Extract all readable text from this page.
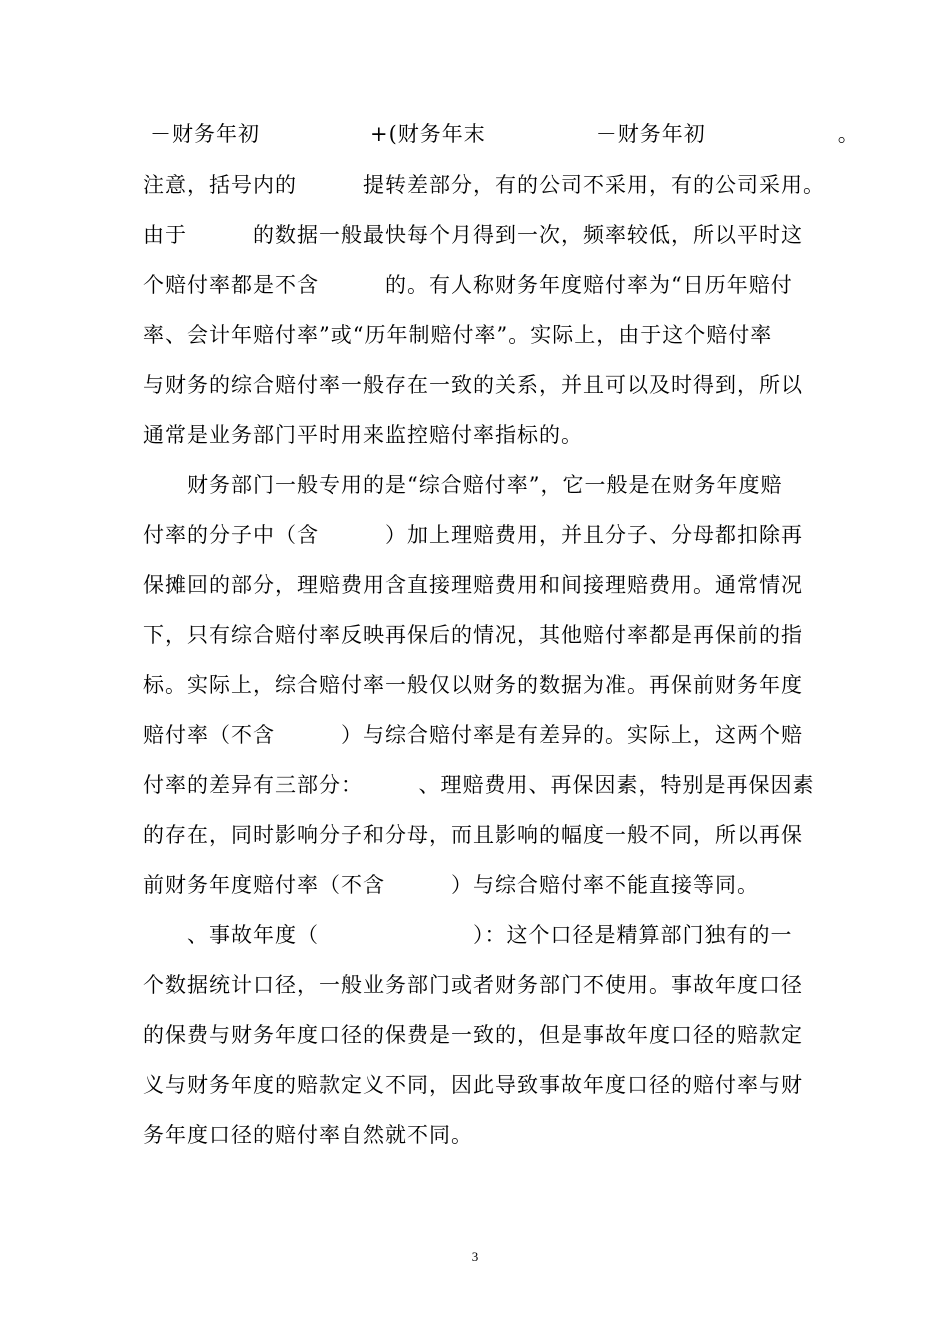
－财务年初　　　　　+(财务年末　　　　　－财务年初　　　　　　。
注意，括号内的　　　提转差部分，有的公司不采用，有的公司采用。
由于　　　的数据一般最快每个月得到一次，频率较低，所以平时这
个赔付率都是不含　　　的。有人称财务年度赔付率为“日历年赔付
率、会计年赔付率”或“历年制赔付率”。实际上，由于这个赔付率
与财务的综合赔付率一般存在一致的关系，并且可以及时得到，所以
通常是业务部门平时用来监控赔付率指标的。
　　财务部门一般专用的是“综合赔付率”，它一般是在财务年度赔
付率的分子中（含　　　）加上理赔费用，并且分子、分母都扣除再
保摊回的部分，理赔费用含直接理赔费用和间接理赔费用。通常情况
下，只有综合赔付率反映再保后的情况，其他赔付率都是再保前的指
标。实际上，综合赔付率一般仅以财务的数据为准。再保前财务年度
赔付率（不含　　　）与综合赔付率是有差异的。实际上，这两个赔
付率的差异有三部分：　　　、理赔费用、再保因素，特别是再保因素
的存在，同时影响分子和分母，而且影响的幅度一般不同，所以再保
前财务年度赔付率（不含　　　）与综合赔付率不能直接等同。
　　、事故年度（　　　　　　　）：这个口径是精算部门独有的一
个数据统计口径，一般业务部门或者财务部门不使用。事故年度口径
的保费与财务年度口径的保费是一致的，但是事故年度口径的赔款定
义与财务年度的赔款定义不同，因此导致事故年度口径的赔付率与财
务年度口径的赔付率自然就不同。
3
